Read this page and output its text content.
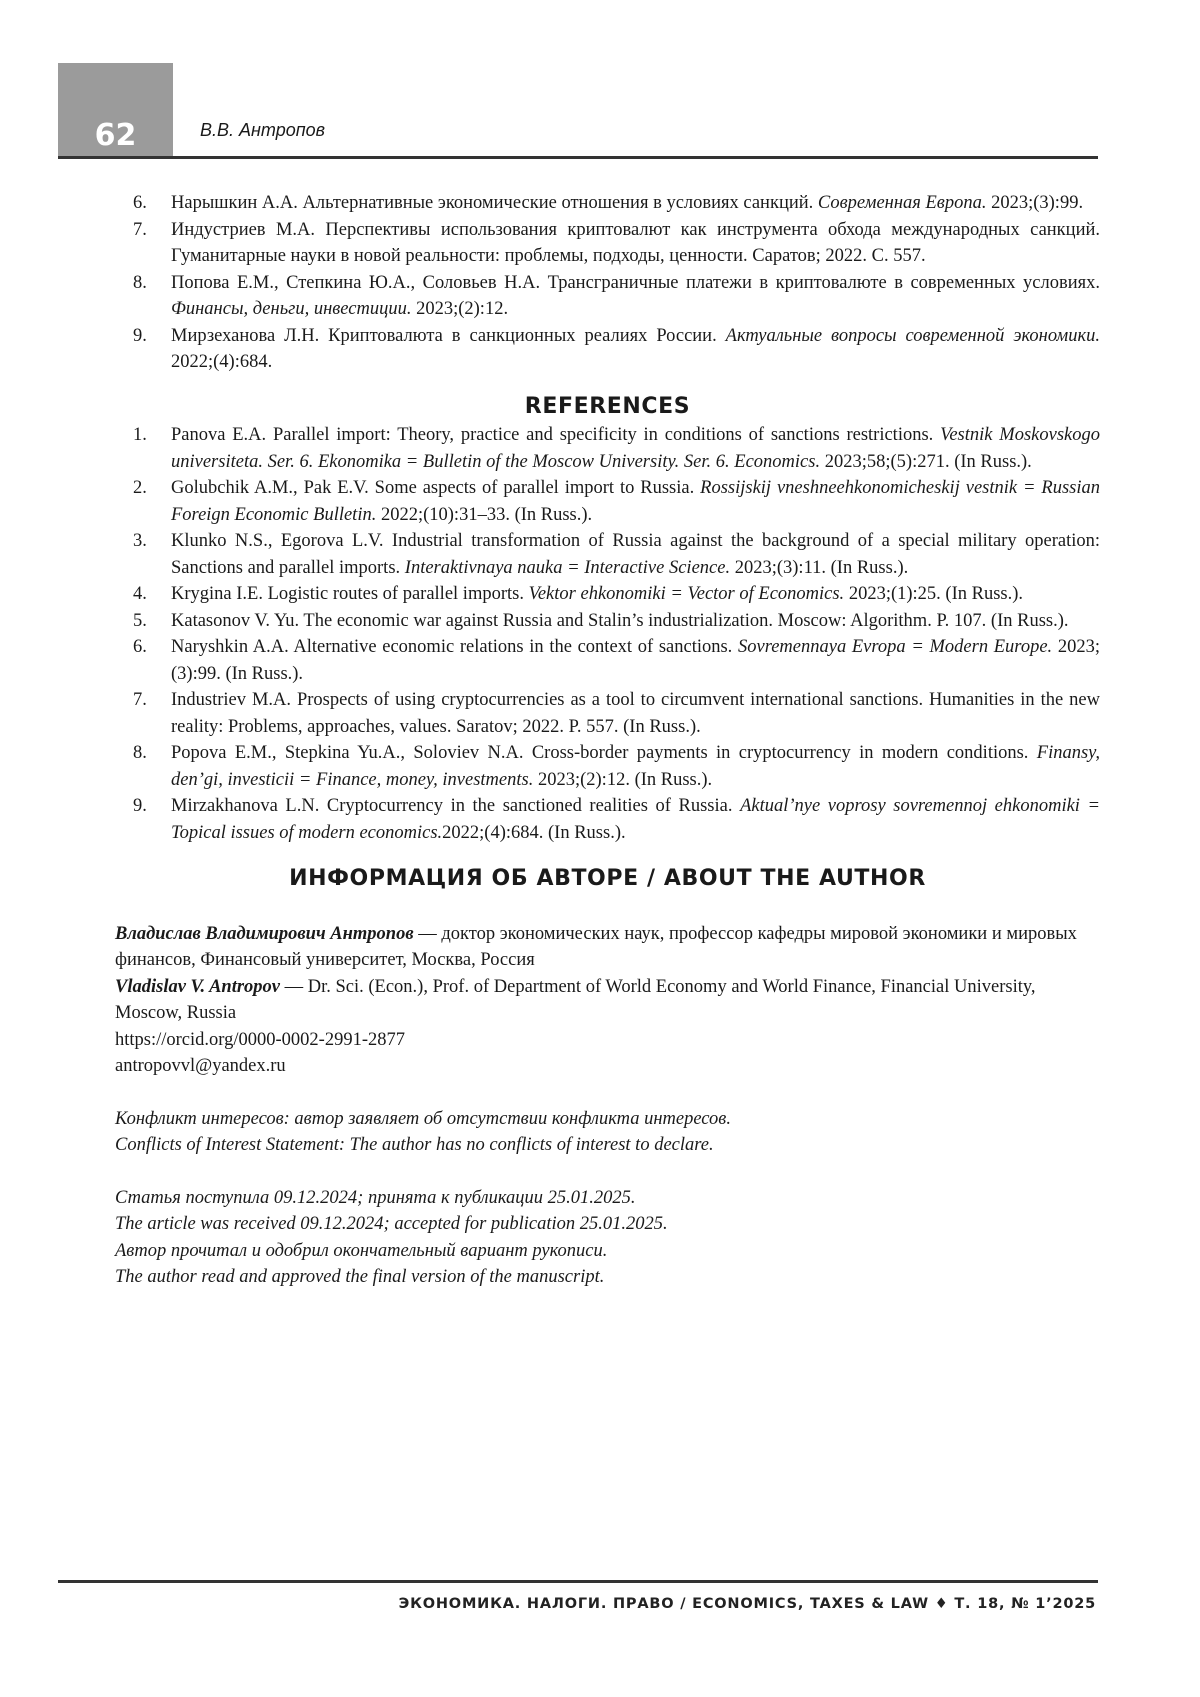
62	В.В. Антропов
6.	Нарышкин А.А. Альтернативные экономические отношения в условиях санкций. Современная Европа. 2023;(3):99.
7.	Индустриев М.А. Перспективы использования криптовалют как инструмента обхода международных санкций. Гуманитарные науки в новой реальности: проблемы, подходы, ценности. Саратов; 2022. С. 557.
8.	Попова Е.М., Степкина Ю.А., Соловьев Н.А. Трансграничные платежи в криптовалюте в современных условиях. Финансы, деньги, инвестиции. 2023;(2):12.
9.	Мирзеханова Л.Н. Криптовалюта в санкционных реалиях России. Актуальные вопросы современной экономики. 2022;(4):684.
REFERENCES
1.	Panova E.A. Parallel import: Theory, practice and specificity in conditions of sanctions restrictions. Vestnik Moskovskogo universiteta. Ser. 6. Ekonomika = Bulletin of the Moscow University. Ser. 6. Economics. 2023;58;(5):271. (In Russ.).
2.	Golubchik A.M., Pak E.V. Some aspects of parallel import to Russia. Rossijskij vneshneehkonomicheskij vestnik = Russian Foreign Economic Bulletin. 2022;(10):31–33. (In Russ.).
3.	Klunko N.S., Egorova L.V. Industrial transformation of Russia against the background of a special military operation: Sanctions and parallel imports. Interaktivnaya nauka = Interactive Science. 2023;(3):11. (In Russ.).
4.	Krygina I.E. Logistic routes of parallel imports. Vektor ehkonomiki = Vector of Economics. 2023;(1):25. (In Russ.).
5.	Katasonov V. Yu. The economic war against Russia and Stalin’s industrialization. Moscow: Algorithm. P. 107. (In Russ.).
6.	Naryshkin A.A. Alternative economic relations in the context of sanctions. Sovremennaya Evropa = Modern Europe. 2023;(3):99. (In Russ.).
7.	Industriev M.A. Prospects of using cryptocurrencies as a tool to circumvent international sanctions. Humanities in the new reality: Problems, approaches, values. Saratov; 2022. P. 557. (In Russ.).
8.	Popova E.M., Stepkina Yu.A., Soloviev N.A. Cross-border payments in cryptocurrency in modern conditions. Finansy, den’gi, investicii = Finance, money, investments. 2023;(2):12. (In Russ.).
9.	Mirzakhanova L.N. Cryptocurrency in the sanctioned realities of Russia. Aktual’nye voprosy sovremennoj ehkonomiki = Topical issues of modern economics.2022;(4):684. (In Russ.).
ИНФОРМАЦИЯ ОБ АВТОРЕ / ABOUT THE AUTHOR

Владислав Владимирович Антропов — доктор экономических наук, профессор кафедры мировой экономики и мировых финансов, Финансовый университет, Москва, Россия

Vladislav V. Antropov — Dr. Sci. (Econ.), Prof. of Department of World Economy and World Finance, Financial University, Moscow, Russia

https://orcid.org/0000-0002-2991-2877

antropovvl@yandex.ru

Конфликт интересов: автор заявляет об отсутствии конфликта интересов.

Conflicts of Interest Statement: The author has no conflicts of interest to declare.

Статья поступила 09.12.2024; принята к публикации 25.01.2025.

The article was received 09.12.2024; accepted for publication 25.01.2025.

Автор прочитал и одобрил окончательный вариант рукописи.

The author read and approved the final version of the manuscript.

ЭКОНОМИКА. НАЛОГИ. ПРАВО / ECONOMICS, TAXES & LAW ♦ Т. 18, № 1’2025
